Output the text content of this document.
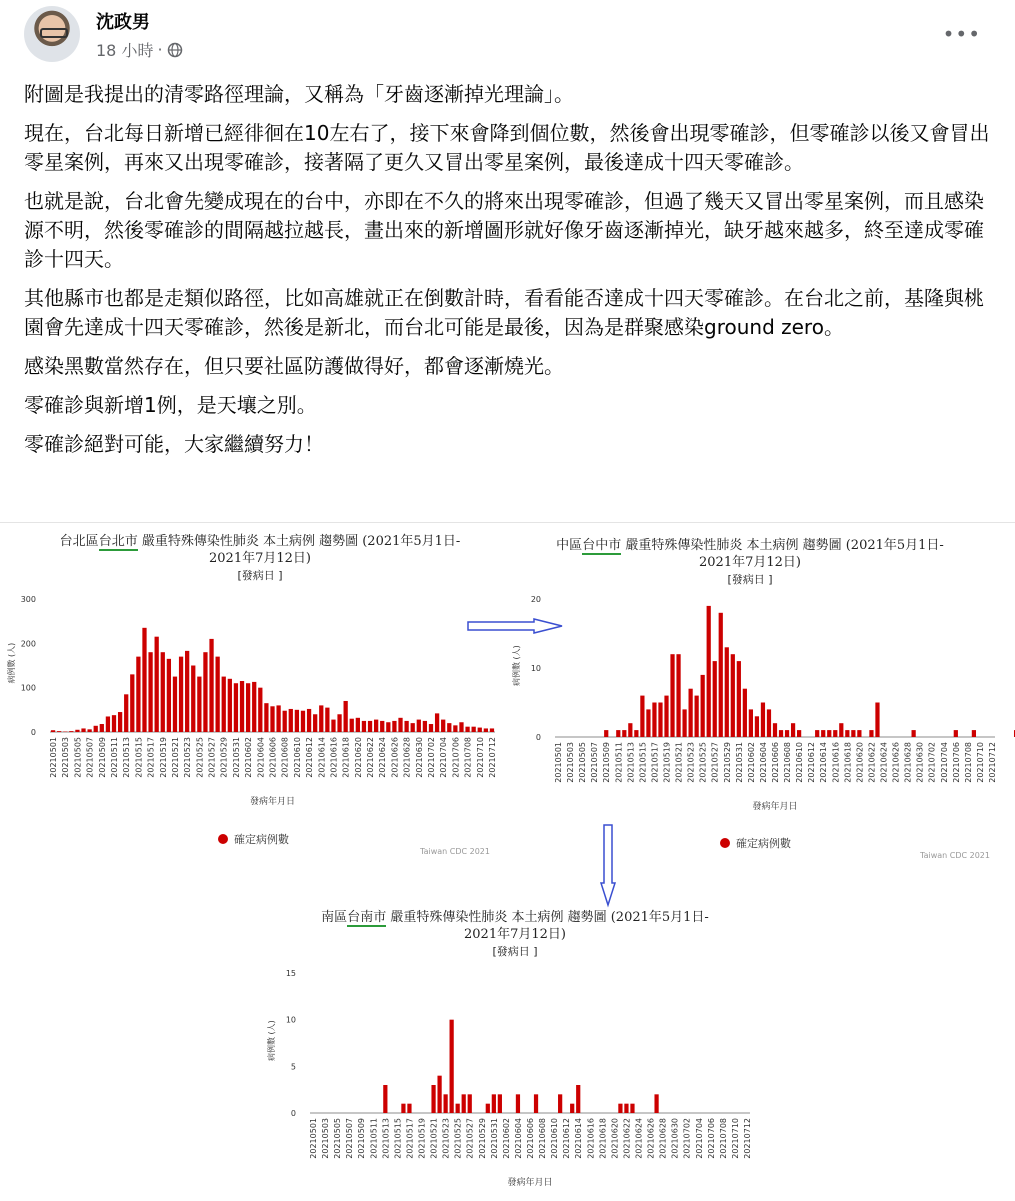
沈政男
18 小時 ·
•••

附圖是我提出的清零路徑理論，又稱為「牙齒逐漸掉光理論」。

現在，台北每日新增已經徘徊在10左右了，接下來會降到個位數，然後會出現零確診，但零確診以後又會冒出零星案例，再來又出現零確診，接著隔了更久又冒出零星案例，最後達成十四天零確診。

也就是說，台北會先變成現在的台中，亦即在不久的將來出現零確診，但過了幾天又冒出零星案例，而且感染源不明，然後零確診的間隔越拉越長，畫出來的新增圖形就好像牙齒逐漸掉光，缺牙越來越多，終至達成零確診十四天。

其他縣市也都是走類似路徑，比如高雄就正在倒數計時，看看能否達成十四天零確診。在台北之前，基隆與桃園會先達成十四天零確診，然後是新北，而台北可能是最後，因為是群聚感染ground zero。

感染黑數當然存在，但只要社區防護做得好，都會逐漸燒光。

零確診與新增1例，是天壤之別。

零確診絕對可能，大家繼續努力！

台北區台北市 嚴重特殊傳染性肺炎 本土病例 趨勢圖 (2021年5月1日-
2021年7月12日)
[發病日 ]
0
100
200
300
病例數 (人)
20210501 20210503 20210505 20210507 20210509 20210511 20210513 20210515 20210517 20210519 20210521 20210523 20210525 20210527 20210529 20210531 20210602 20210604 20210606 20210608 20210610 20210612 20210614 20210616 20210618 20210620 20210622 20210624 20210626 20210628 20210630 20210702 20210704 20210706 20210708 20210710 20210712
發病年月日
確定病例數
Taiwan CDC 2021
中區台中市 嚴重特殊傳染性肺炎 本土病例 趨勢圖 (2021年5月1日-
2021年7月12日)
[發病日 ]
0
10
20
病例數 (人)
20210501 20210503 20210505 20210507 20210509 20210511 20210513 20210515 20210517 20210519 20210521 20210523 20210525 20210527 20210529 20210531 20210602 20210604 20210606 20210608 20210610 20210612 20210614 20210616 20210618 20210620 20210622 20210624 20210626 20210628 20210630 20210702 20210704 20210706 20210708 20210710 20210712
發病年月日
確定病例數
Taiwan CDC 2021
南區台南市 嚴重特殊傳染性肺炎 本土病例 趨勢圖 (2021年5月1日-
2021年7月12日)
[發病日 ]
0
5
10
15
病例數 (人)
20210501 20210503 20210505 20210507 20210509 20210511 20210513 20210515 20210517 20210519 20210521 20210523 20210525 20210527 20210529 20210531 20210602 20210604 20210606 20210608 20210610 20210612 20210614 20210616 20210618 20210620 20210622 20210624 20210626 20210628 20210630 20210702 20210704 20210706 20210708 20210710 20210712
發病年月日
